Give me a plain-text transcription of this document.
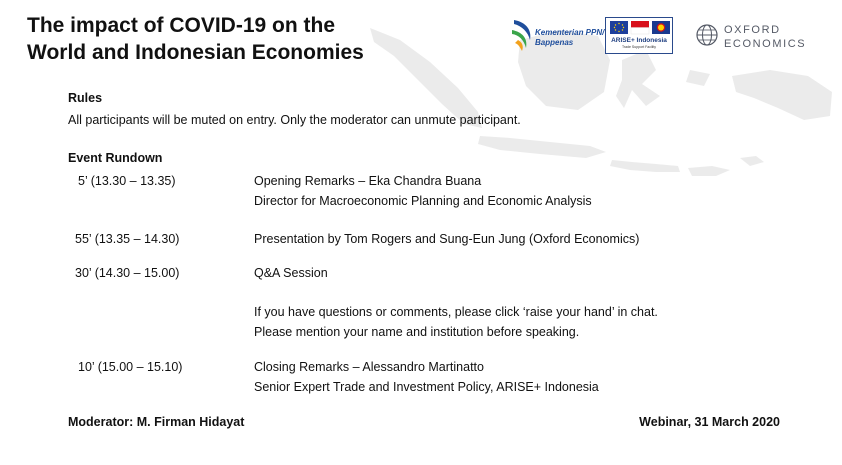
The impact of COVID-19 on the
World and Indonesian Economies
Kementerian PPN/
Bappenas	ARISE+ Indonesia
Trade Support Facility
OXFORD
ECONOMICS
Rules
All participants will be muted on entry. Only the moderator can unmute participant.
Event Rundown
5’ (13.30 – 13.35)	Opening Remarks – Eka Chandra Buana
Director for Macroeconomic Planning and Economic Analysis
55’ (13.35 – 14.30)	Presentation by Tom Rogers and Sung-Eun Jung (Oxford Economics)
30’ (14.30 – 15.00)	Q&A Session
If you have questions or comments, please click ‘raise your hand’ in chat.
Please mention your name and institution before speaking.
10’ (15.00 – 15.10)	Closing Remarks – Alessandro Martinatto
Senior Expert Trade and Investment Policy, ARISE+ Indonesia
Moderator: M. Firman Hidayat	Webinar, 31 March 2020
